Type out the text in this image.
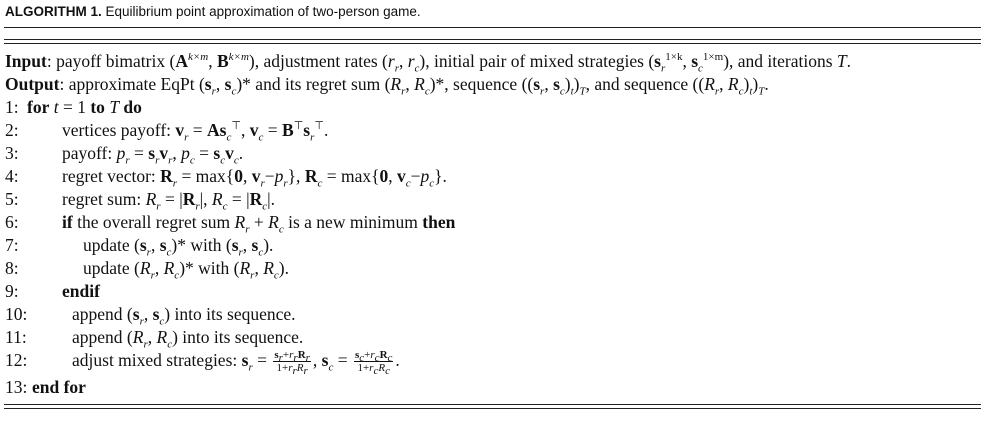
ALGORITHM 1. Equilibrium point approximation of two-person game.
Input: payoff bimatrix ($A^{k\times m}$, $B^{k\times m}$), adjustment rates ($r_r$, $r_c$), initial pair of mixed strategies ($s_r^{1\times k}$, $s_c^{1\times m}$), and iterations T.
Output: approximate EqPt ($s_r$, $s_c)*$ and its regret sum ($R_r$, $R_c)*$, sequence (($s_r$, $s_c)_t)_T$, and sequence (($R_r$, $R_c)_t)_T$.
1: for t = 1 to T do
2: vertices payoff: $v_r = As_c^⊤$, $v_c = B^⊤s_r^⊤$.
3: payoff: $p_r = s_rv_r$, $p_c = s_cv_c$.
4: regret vector: $R_r = \max\{0$, $v_r-p_r$}, $R_c = \max\{0$, $v_c-p_c$}.
5: regret sum: $R_r = |R_r|$, $R_c = |R_c|$.
6: if the overall regret sum $R_r + R_c$ is a new minimum then
7:	update ($s_r$, $s_c)*$ with ($s_r$, $s_c$).
8:	update ($R_r$, $R_c)*$ with ($R_r$, $R_c$).
9: endif
10:	append ($s_r$, $s_c$) into its sequence.
11:	append ($R_r$, $R_c$) into its sequence.
12:	adjust mixed strategies: $s_r = \frac{s_r+r_rR_r}{1+r_rR_r}$ , $s_c = \frac{s_c+r_cR_c}{1+r_cR_c}$ .
13: end for
